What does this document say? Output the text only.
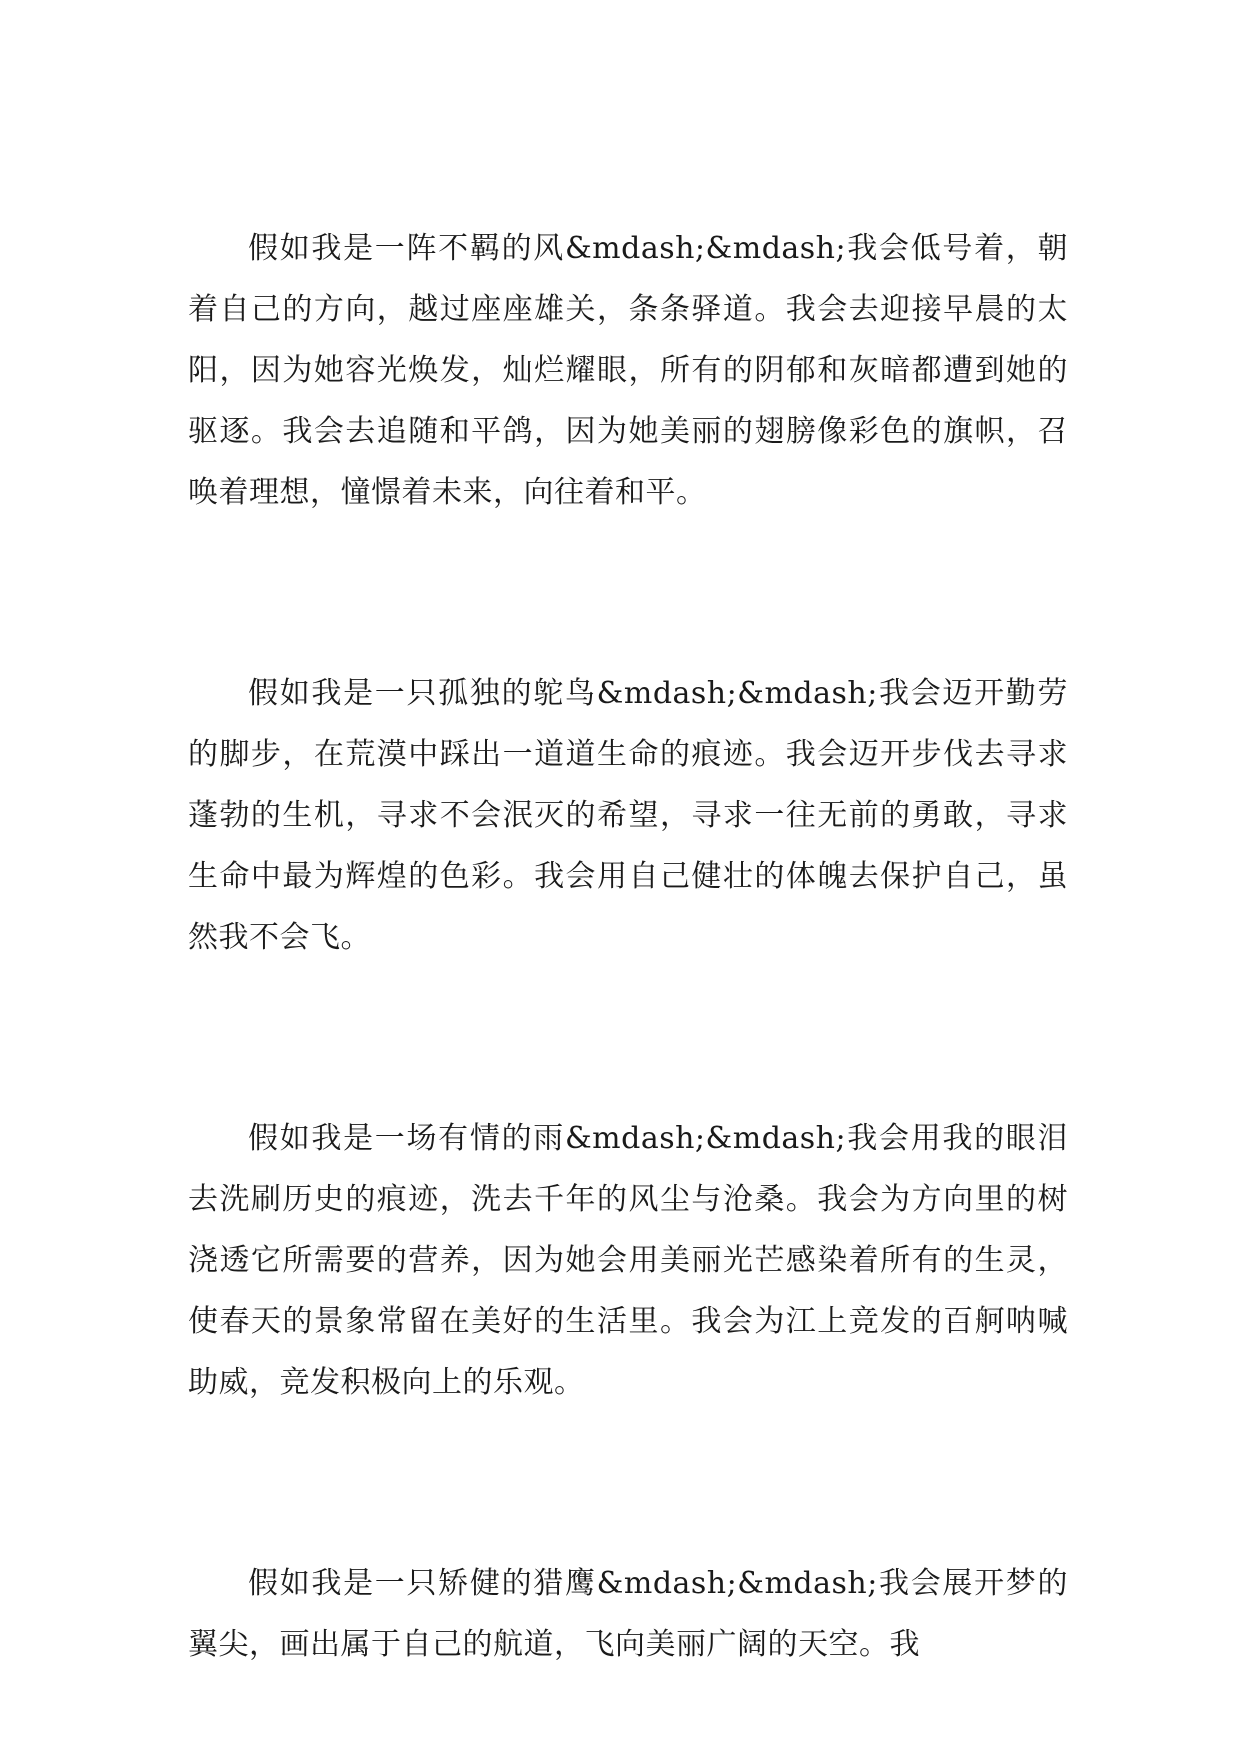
假如我是一阵不羁的风&mdash;&mdash;我会低号着，朝着自己的方向，越过座座雄关，条条驿道。我会去迎接早晨的太阳，因为她容光焕发，灿烂耀眼，所有的阴郁和灰暗都遭到她的驱逐。我会去追随和平鸽，因为她美丽的翅膀像彩色的旗帜，召唤着理想，憧憬着未来，向往着和平。

假如我是一只孤独的鸵鸟&mdash;&mdash;我会迈开勤劳的脚步，在荒漠中踩出一道道生命的痕迹。我会迈开步伐去寻求蓬勃的生机，寻求不会泯灭的希望，寻求一往无前的勇敢，寻求生命中最为辉煌的色彩。我会用自己健壮的体魄去保护自己，虽然我不会飞。

假如我是一场有情的雨&mdash;&mdash;我会用我的眼泪去洗刷历史的痕迹，洗去千年的风尘与沧桑。我会为方向里的树浇透它所需要的营养，因为她会用美丽光芒感染着所有的生灵，使春天的景象常留在美好的生活里。我会为江上竞发的百舸呐喊助威，竞发积极向上的乐观。

假如我是一只矫健的猎鹰&mdash;&mdash;我会展开梦的翼尖，画出属于自己的航道，飞向美丽广阔的天空。我
